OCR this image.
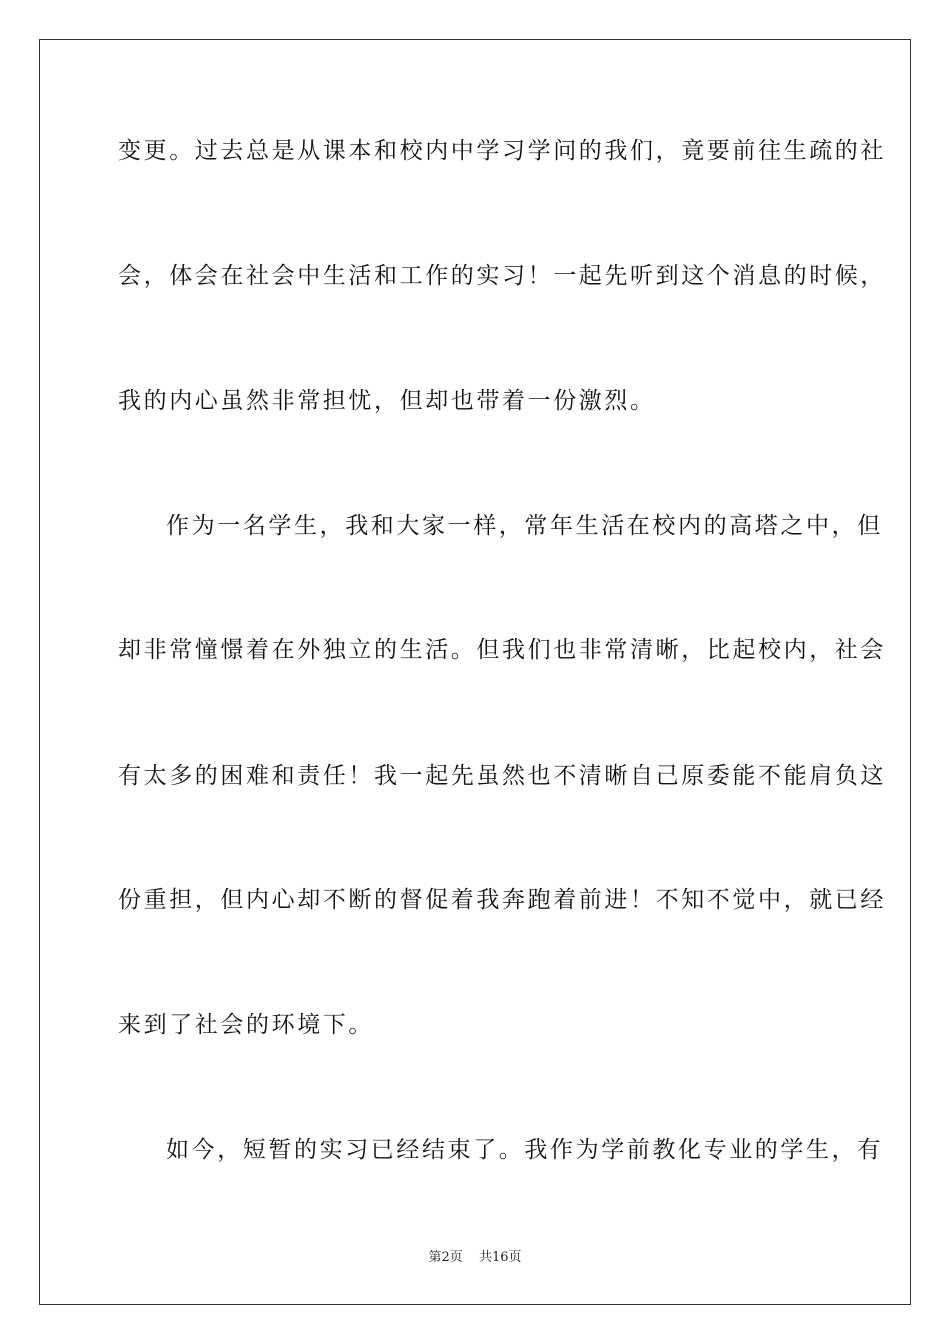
变更。过去总是从课本和校内中学习学问的我们，竟要前往生疏的社
会，体会在社会中生活和工作的实习！一起先听到这个消息的时候，
我的内心虽然非常担忧，但却也带着一份激烈。
作为一名学生，我和大家一样，常年生活在校内的高塔之中，但
却非常憧憬着在外独立的生活。但我们也非常清晰，比起校内，社会
有太多的困难和责任！我一起先虽然也不清晰自己原委能不能肩负这
份重担，但内心却不断的督促着我奔跑着前进！不知不觉中，就已经
来到了社会的环境下。
如今，短暂的实习已经结束了。我作为学前教化专业的学生，有
第2页 共16页
